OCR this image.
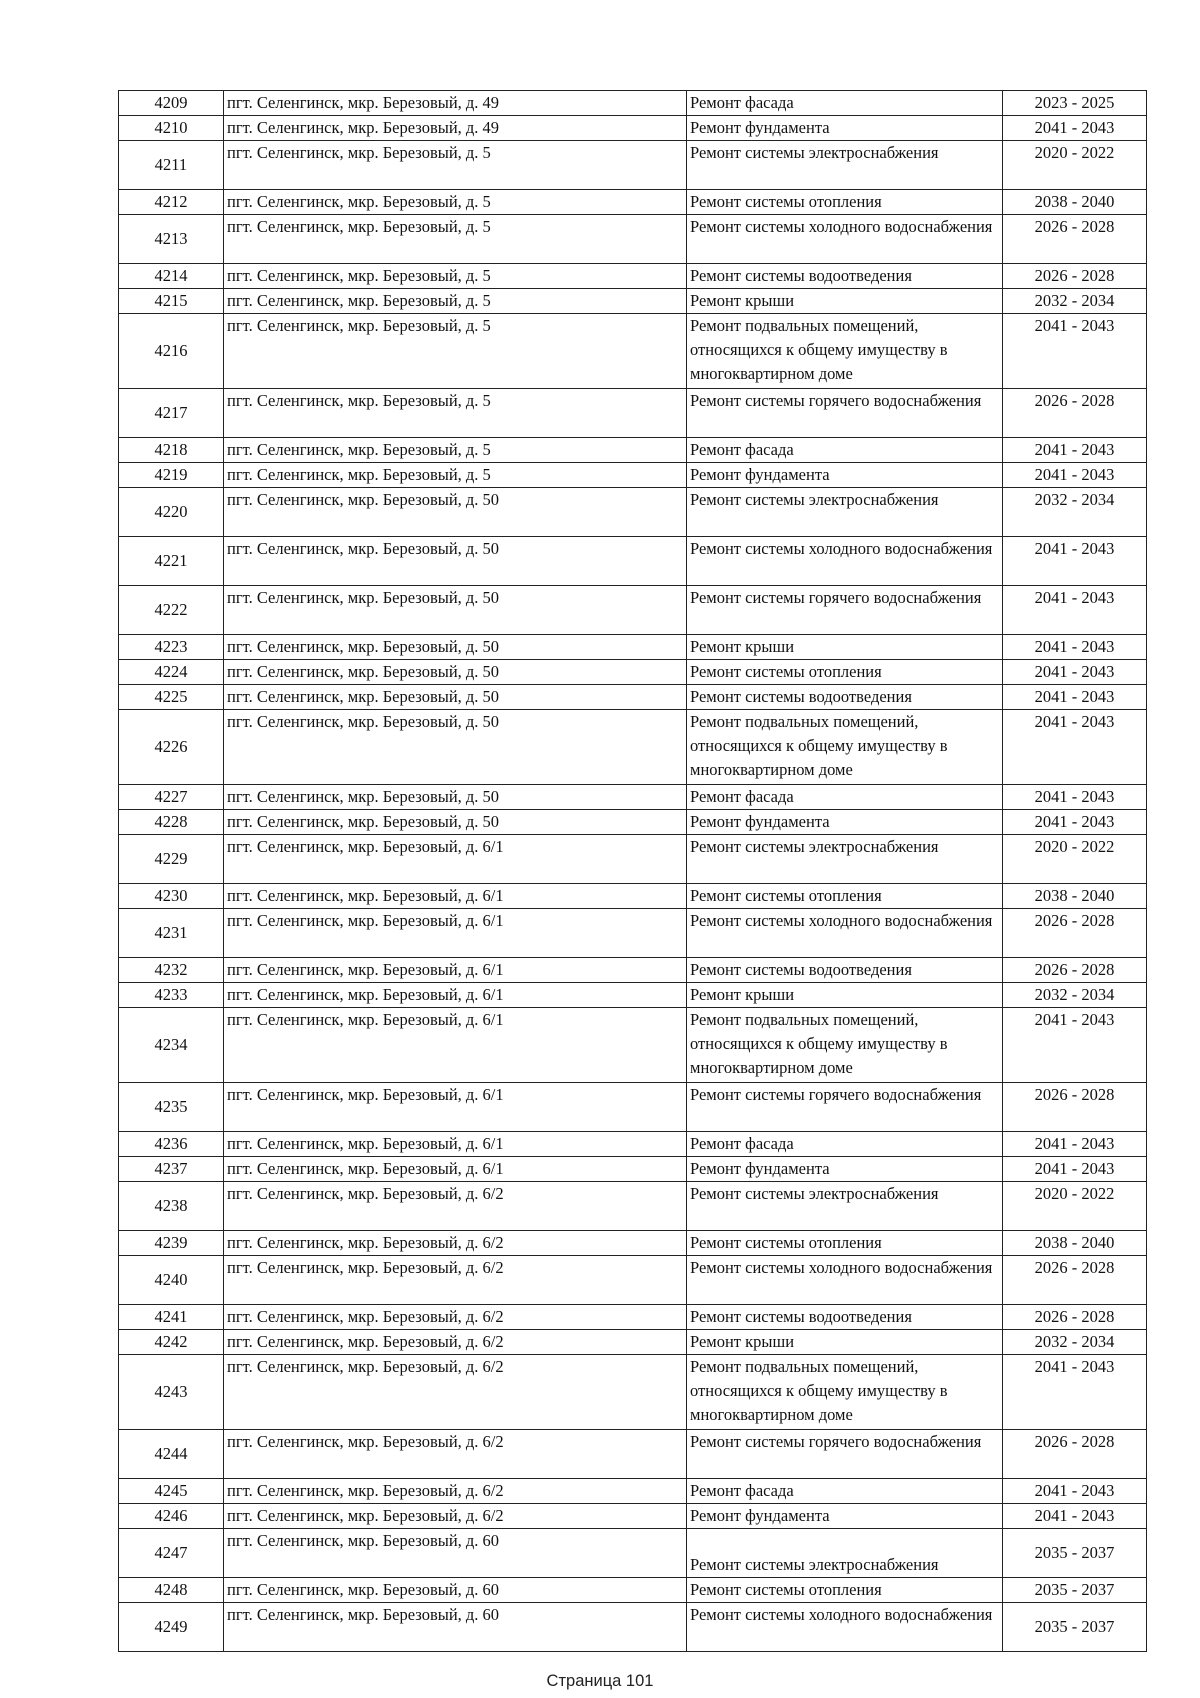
4209	пгт. Селенгинск, мкр. Березовый, д. 49	Ремонт фасада	2023 - 2025
4210	пгт. Селенгинск, мкр. Березовый, д. 49	Ремонт фундамента	2041 - 2043
4211	пгт. Селенгинск, мкр. Березовый, д. 5	Ремонт системы электроснабжения	2020 - 2022
4212	пгт. Селенгинск, мкр. Березовый, д. 5	Ремонт системы отопления	2038 - 2040
4213	пгт. Селенгинск, мкр. Березовый, д. 5	Ремонт системы холодного водоснабжения	2026 - 2028
4214	пгт. Селенгинск, мкр. Березовый, д. 5	Ремонт системы водоотведения	2026 - 2028
4215	пгт. Селенгинск, мкр. Березовый, д. 5	Ремонт крыши	2032 - 2034
4216	пгт. Селенгинск, мкр. Березовый, д. 5	Ремонт подвальных помещений, относящихся к общему имуществу в многоквартирном доме	2041 - 2043
4217	пгт. Селенгинск, мкр. Березовый, д. 5	Ремонт системы горячего водоснабжения	2026 - 2028
4218	пгт. Селенгинск, мкр. Березовый, д. 5	Ремонт фасада	2041 - 2043
4219	пгт. Селенгинск, мкр. Березовый, д. 5	Ремонт фундамента	2041 - 2043
4220	пгт. Селенгинск, мкр. Березовый, д. 50	Ремонт системы электроснабжения	2032 - 2034
4221	пгт. Селенгинск, мкр. Березовый, д. 50	Ремонт системы холодного водоснабжения	2041 - 2043
4222	пгт. Селенгинск, мкр. Березовый, д. 50	Ремонт системы горячего водоснабжения	2041 - 2043
4223	пгт. Селенгинск, мкр. Березовый, д. 50	Ремонт крыши	2041 - 2043
4224	пгт. Селенгинск, мкр. Березовый, д. 50	Ремонт системы отопления	2041 - 2043
4225	пгт. Селенгинск, мкр. Березовый, д. 50	Ремонт системы водоотведения	2041 - 2043
4226	пгт. Селенгинск, мкр. Березовый, д. 50	Ремонт подвальных помещений, относящихся к общему имуществу в многоквартирном доме	2041 - 2043
4227	пгт. Селенгинск, мкр. Березовый, д. 50	Ремонт фасада	2041 - 2043
4228	пгт. Селенгинск, мкр. Березовый, д. 50	Ремонт фундамента	2041 - 2043
4229	пгт. Селенгинск, мкр. Березовый, д. 6/1	Ремонт системы электроснабжения	2020 - 2022
4230	пгт. Селенгинск, мкр. Березовый, д. 6/1	Ремонт системы отопления	2038 - 2040
4231	пгт. Селенгинск, мкр. Березовый, д. 6/1	Ремонт системы холодного водоснабжения	2026 - 2028
4232	пгт. Селенгинск, мкр. Березовый, д. 6/1	Ремонт системы водоотведения	2026 - 2028
4233	пгт. Селенгинск, мкр. Березовый, д. 6/1	Ремонт крыши	2032 - 2034
4234	пгт. Селенгинск, мкр. Березовый, д. 6/1	Ремонт подвальных помещений, относящихся к общему имуществу в многоквартирном доме	2041 - 2043
4235	пгт. Селенгинск, мкр. Березовый, д. 6/1	Ремонт системы горячего водоснабжения	2026 - 2028
4236	пгт. Селенгинск, мкр. Березовый, д. 6/1	Ремонт фасада	2041 - 2043
4237	пгт. Селенгинск, мкр. Березовый, д. 6/1	Ремонт фундамента	2041 - 2043
4238	пгт. Селенгинск, мкр. Березовый, д. 6/2	Ремонт системы электроснабжения	2020 - 2022
4239	пгт. Селенгинск, мкр. Березовый, д. 6/2	Ремонт системы отопления	2038 - 2040
4240	пгт. Селенгинск, мкр. Березовый, д. 6/2	Ремонт системы холодного водоснабжения	2026 - 2028
4241	пгт. Селенгинск, мкр. Березовый, д. 6/2	Ремонт системы водоотведения	2026 - 2028
4242	пгт. Селенгинск, мкр. Березовый, д. 6/2	Ремонт крыши	2032 - 2034
4243	пгт. Селенгинск, мкр. Березовый, д. 6/2	Ремонт подвальных помещений, относящихся к общему имуществу в многоквартирном доме	2041 - 2043
4244	пгт. Селенгинск, мкр. Березовый, д. 6/2	Ремонт системы горячего водоснабжения	2026 - 2028
4245	пгт. Селенгинск, мкр. Березовый, д. 6/2	Ремонт фасада	2041 - 2043
4246	пгт. Селенгинск, мкр. Березовый, д. 6/2	Ремонт фундамента	2041 - 2043
4247	пгт. Селенгинск, мкр. Березовый, д. 60	Ремонт системы электроснабжения	2035 - 2037
4248	пгт. Селенгинск, мкр. Березовый, д. 60	Ремонт системы отопления	2035 - 2037
4249	пгт. Селенгинск, мкр. Березовый, д. 60	Ремонт системы холодного водоснабжения	2035 - 2037
Страница 101
